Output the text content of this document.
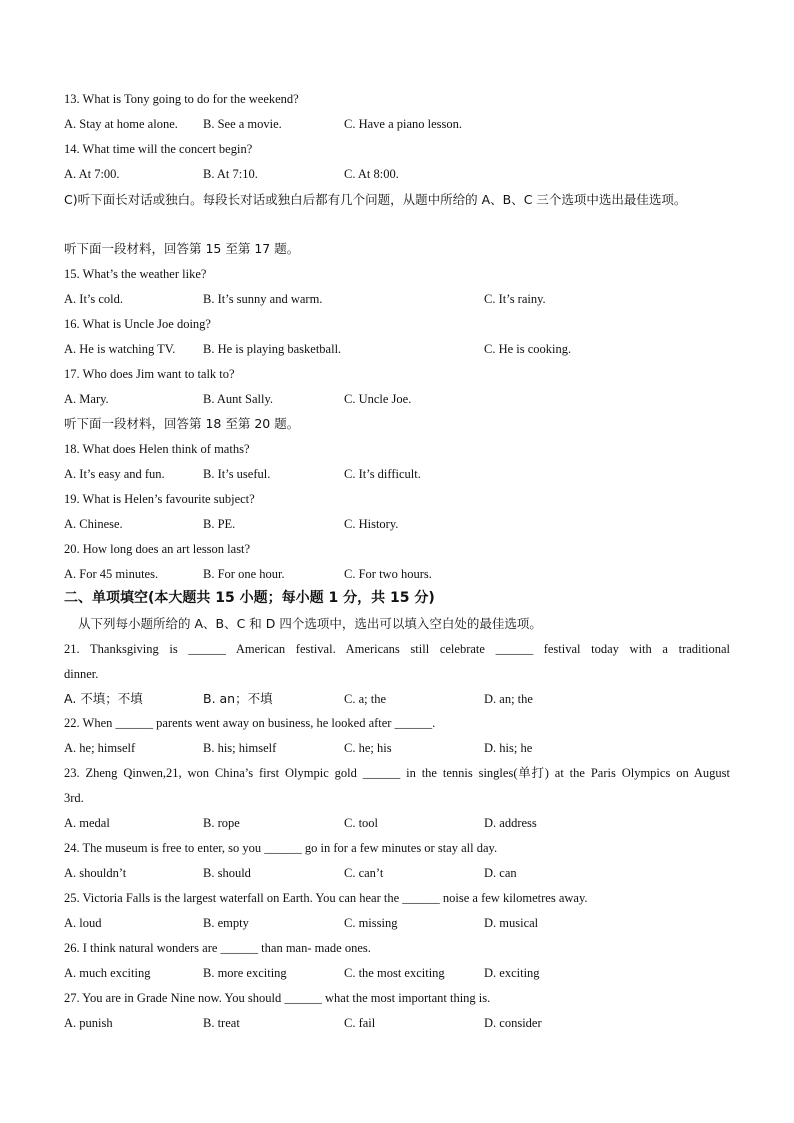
13. What is Tony going to do for the weekend?
A. Stay at home alone. B. See a movie.	C. Have a piano lesson.
14. What time will the concert begin?
A. At 7:00.	B. At 7:10.	C. At 8:00.
C)听下面长对话或独白。每段长对话或独白后都有几个问题，从题中所给的 A、B、C 三个选项中选出最佳选项。
听下面一段材料，回答第 15 至第 17 题。
15. What’s the weather like?
A. It’s cold.	B. It’s sunny and warm.	C. It’s rainy.
16. What is Uncle Joe doing?
A. He is watching TV. B. He is playing basketball.	C. He is cooking.
17. Who does Jim want to talk to?
A. Mary.	B. Aunt Sally.	C. Uncle Joe.
听下面一段材料，回答第 18 至第 20 题。
18. What does Helen think of maths?
A. It’s easy and fun.	B. It’s useful.	C. It’s difficult.
19. What is Helen’s favourite subject?
A. Chinese.	B. PE.	C. History.
20. How long does an art lesson last?
A. For 45 minutes.	B. For one hour.	C. For two hours.
二、单项填空(本大题共 15 小题；每小题 1 分，共 15 分)
从下列每小题所给的 A、B、C 和 D 四个选项中，选出可以填入空白处的最佳选项。
21. Thanksgiving is ______ American festival. Americans still celebrate ______ festival today with a traditional dinner.
A. 不填；不填	B. an；不填	C. a; the	D. an; the
22. When ______ parents went away on business, he looked after ______.
A. he; himself	B. his; himself	C. he; his	D. his; he
23. Zheng Qinwen,21, won China’s first Olympic gold ______ in the tennis singles(单打) at the Paris Olympics on August 3rd.
A. medal	B. rope	C. tool	D. address
24. The museum is free to enter, so you ______ go in for a few minutes or stay all day.
A. shouldn’t	B. should	C. can’t	D. can
25. Victoria Falls is the largest waterfall on Earth. You can hear the ______ noise a few kilometres away.
A. loud	B. empty	C. missing	D. musical
26. I think natural wonders are ______ than man- made ones.
A. much exciting	B. more exciting	C. the most exciting	D. exciting
27. You are in Grade Nine now. You should ______ what the most important thing is.
A. punish	B. treat	C. fail	D. consider
